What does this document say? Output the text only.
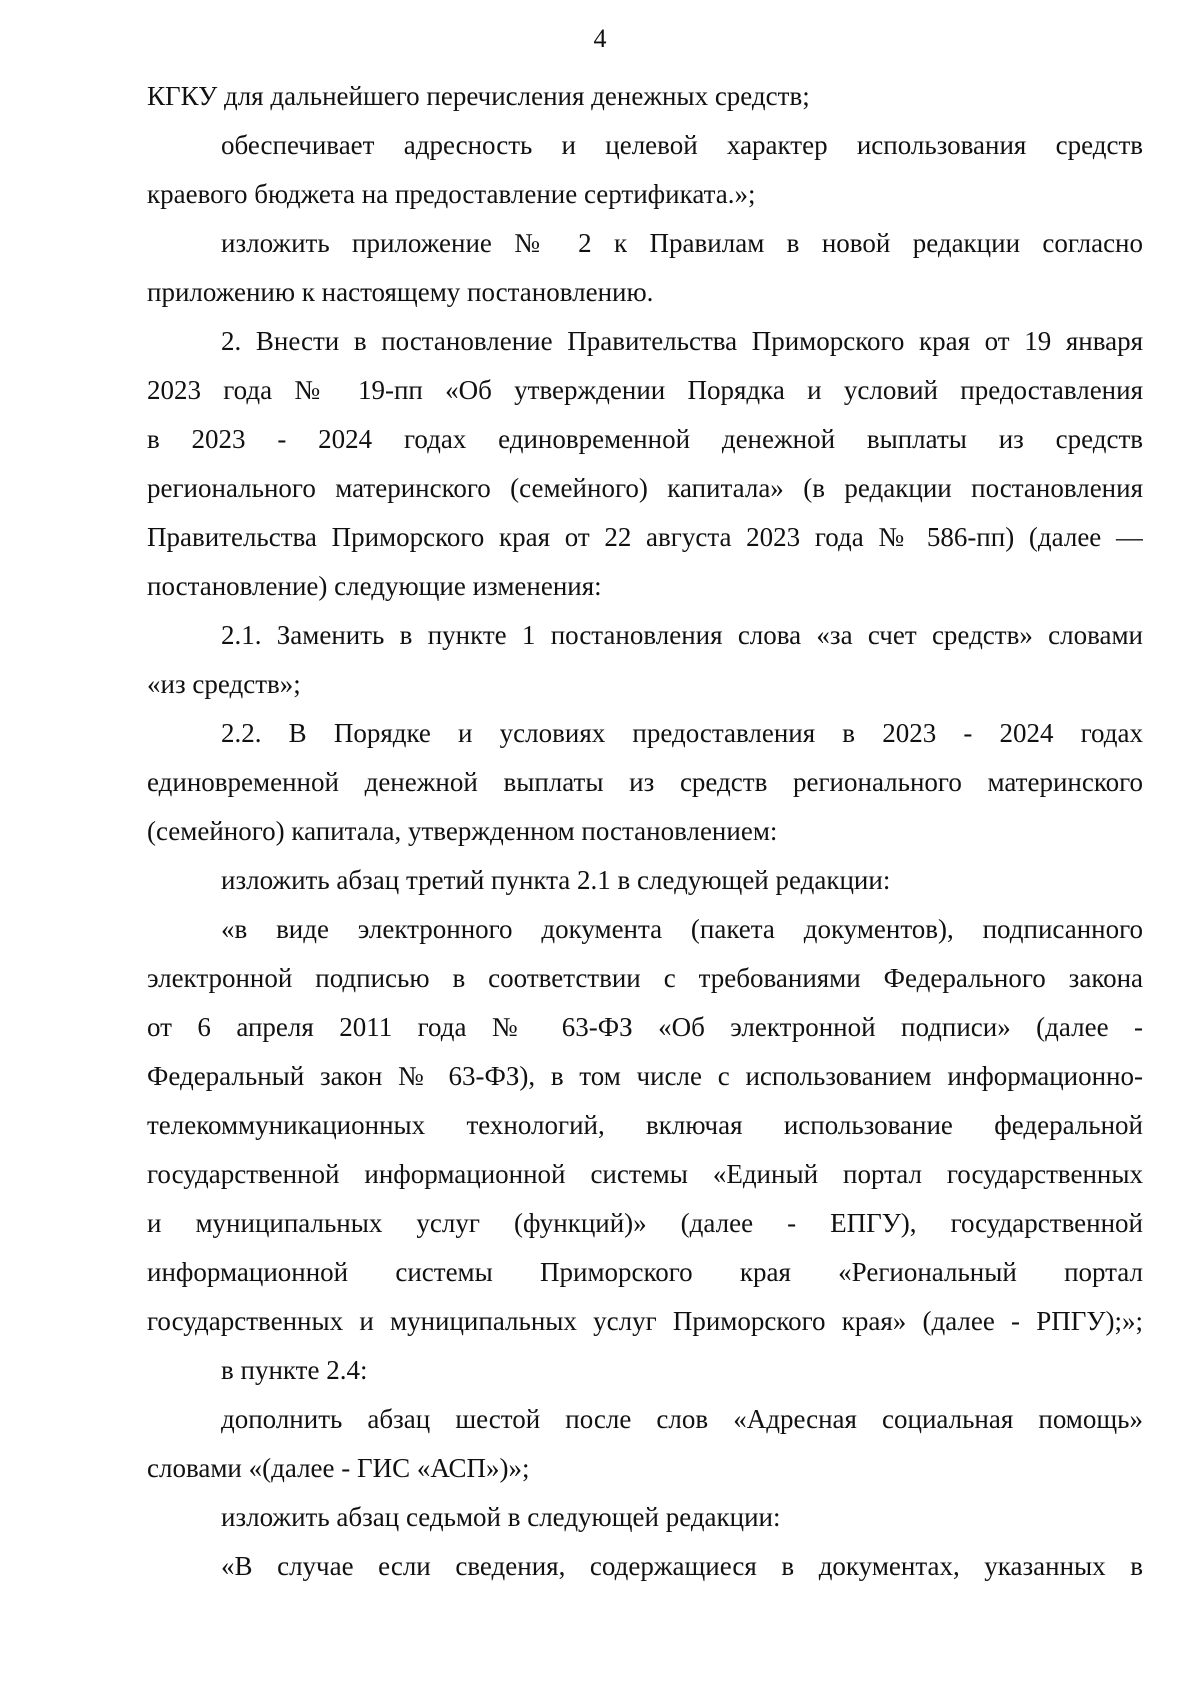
4
КГКУ для дальнейшего перечисления денежных средств;
обеспечивает адресность и целевой характер использования средств
краевого бюджета на предоставление сертификата.»;
изложить приложение № 2 к Правилам в новой редакции согласно
приложению к настоящему постановлению.
2. Внести в постановление Правительства Приморского края от 19 января
2023 года № 19-пп «Об утверждении Порядка и условий предоставления
в 2023 - 2024 годах единовременной денежной выплаты из средств
регионального материнского (семейного) капитала» (в редакции постановления
Правительства Приморского края от 22 августа 2023 года № 586-пп) (далее —
постановление) следующие изменения:
2.1. Заменить в пункте 1 постановления слова «за счет средств» словами
«из средств»;
2.2. В Порядке и условиях предоставления в 2023 - 2024 годах
единовременной денежной выплаты из средств регионального материнского
(семейного) капитала, утвержденном постановлением:
изложить абзац третий пункта 2.1 в следующей редакции:
«в виде электронного документа (пакета документов), подписанного
электронной подписью в соответствии с требованиями Федерального закона
от 6 апреля 2011 года № 63-ФЗ «Об электронной подписи» (далее -
Федеральный закон № 63-ФЗ), в том числе с использованием информационно-
телекоммуникационных технологий, включая использование федеральной
государственной информационной системы «Единый портал государственных
и муниципальных услуг (функций)» (далее - ЕПГУ), государственной
информационной системы Приморского края «Региональный портал
государственных и муниципальных услуг Приморского края» (далее - РПГУ);»;
в пункте 2.4:
дополнить абзац шестой после слов «Адресная социальная помощь»
словами «(далее - ГИС «АСП»)»;
изложить абзац седьмой в следующей редакции:
«В случае если сведения, содержащиеся в документах, указанных в
